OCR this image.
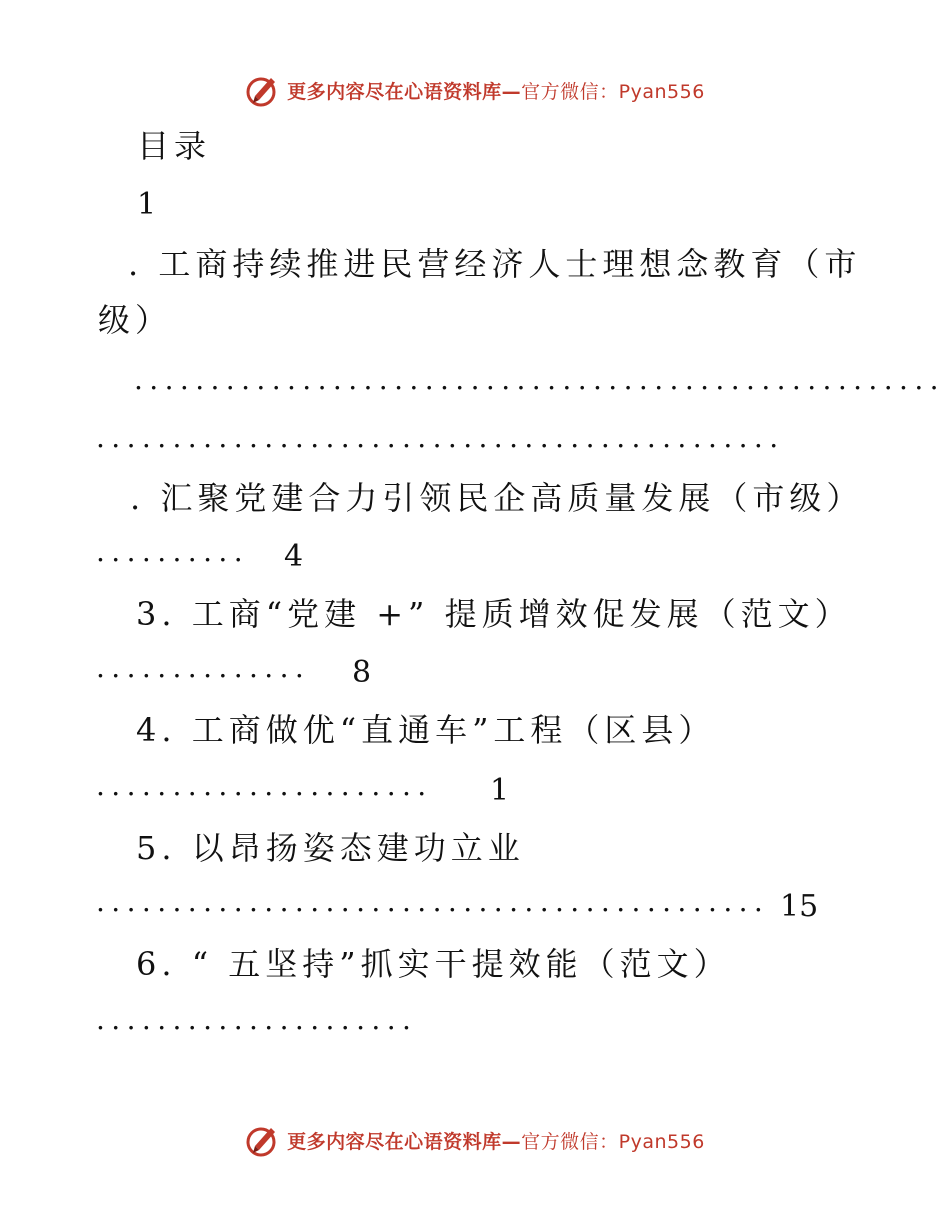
更多内容尽在心语资料库—官方微信：Pyan556
目录
1
. 工商持续推进民营经济人士理想念教育（市
级）
.....................................................
.............................................
. 汇聚党建合力引领民企高质量发展（市级）
.......... 4
3. 工商“党建 +” 提质增效促发展（范文）
.............. 8
4. 工商做优“直通车”工程（区县）
...................... 1
5. 以昂扬姿态建功立业
............................................ 15
6. “ 五坚持”抓实干提效能（范文）
.....................
更多内容尽在心语资料库—官方微信：Pyan556
